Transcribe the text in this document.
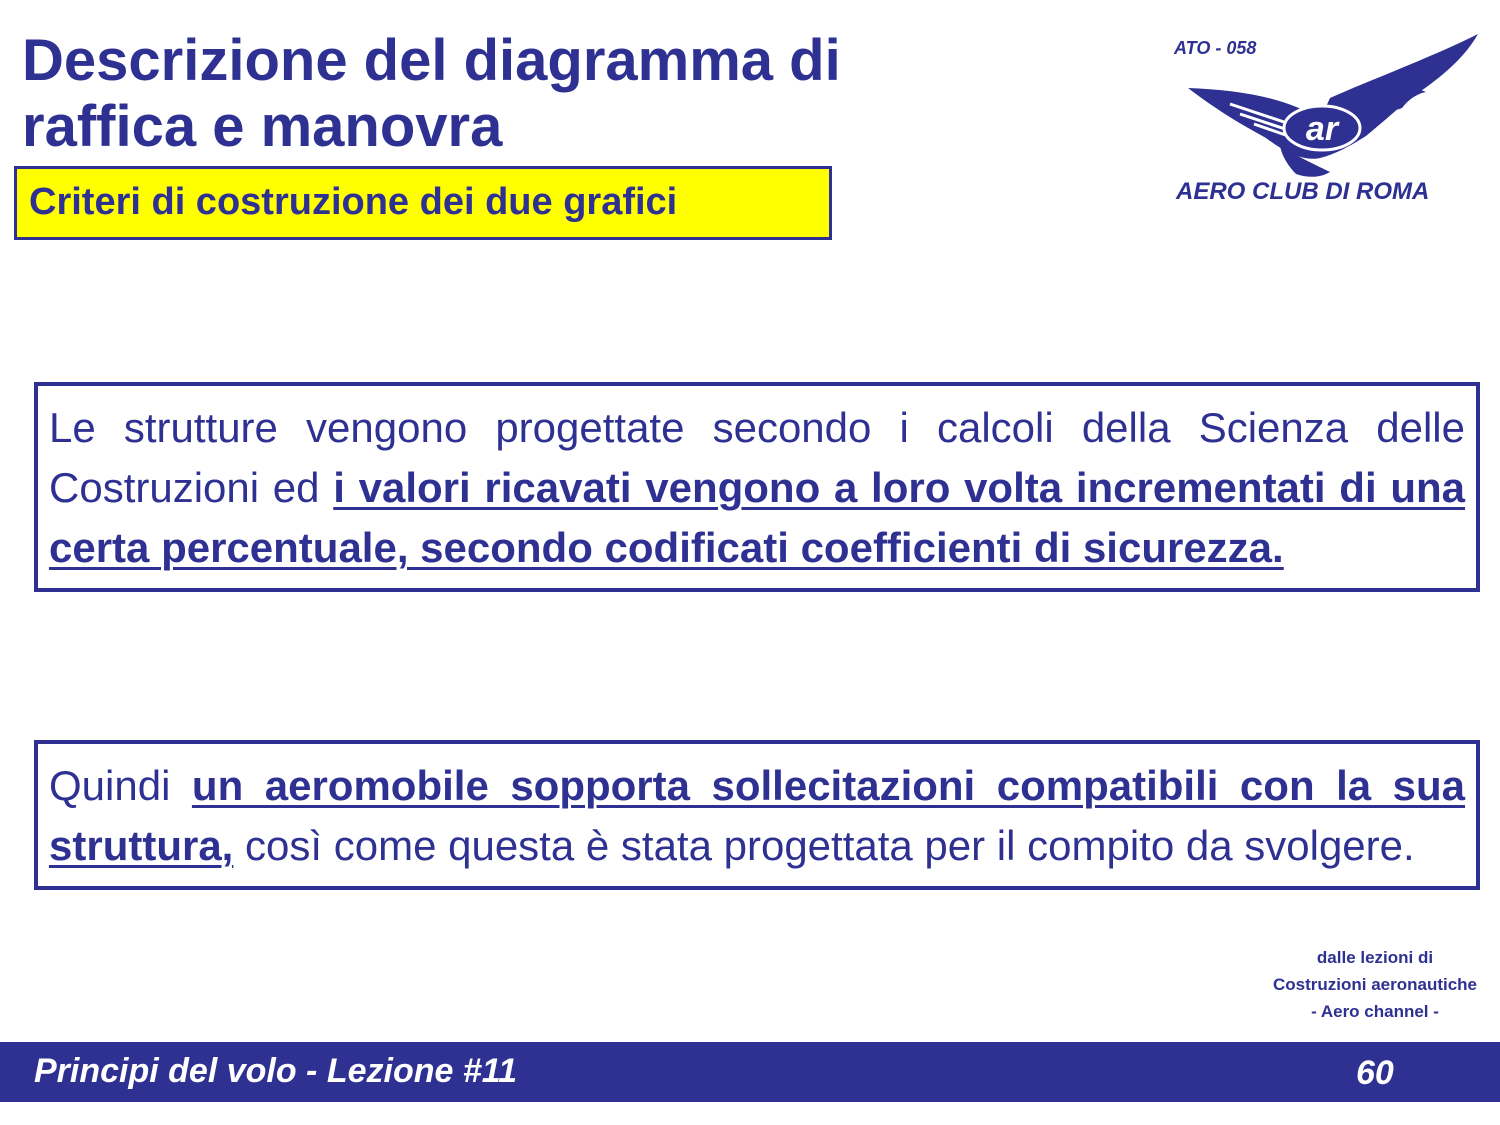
Descrizione del diagramma di
raffica e manovra
Criteri di costruzione dei due grafici
ar
ATO - 058
AERO CLUB DI ROMA
Le strutture vengono progettate secondo i calcoli della Scienza delle Costruzioni ed i valori ricavati vengono a loro volta incrementati di una certa percentuale, secondo codificati coefficienti di sicurezza.
Quindi un aeromobile sopporta sollecitazioni compatibili con la sua struttura, così come questa è stata progettata per il compito da svolgere.
dalle lezioni di
Costruzioni aeronautiche
- Aero channel -
Principi del volo - Lezione #11	60
